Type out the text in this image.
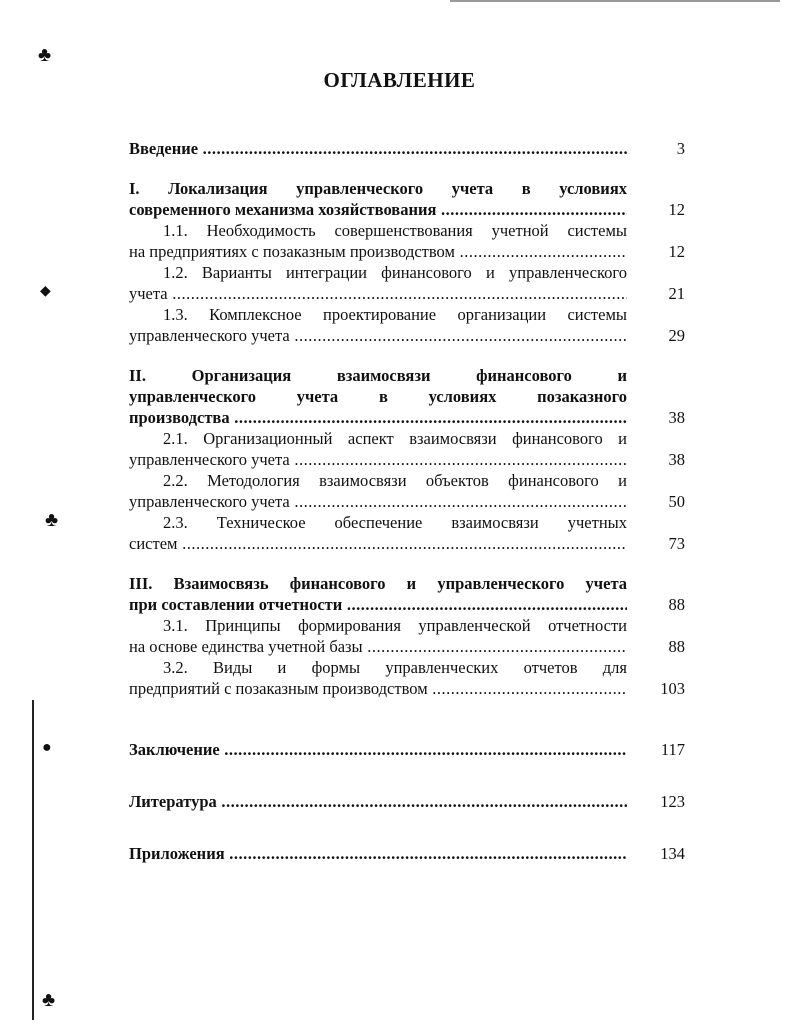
♣
◆
♣
●
♣
ОГЛАВЛЕНИЕ
Введение .....	3
I. Локализация управленческого учета в условиях
современного механизма хозяйствования .....	12
1.1. Необходимость совершенствования учетной системы
на предприятиях с позаказным производством .....	12
1.2. Варианты интеграции финансового и управленческого
учета .....	21
1.3. Комплексное проектирование организации системы
управленческого учета .....	29
II. Организация взаимосвязи финансового и
управленческого учета в условиях позаказного
производства .....	38
2.1. Организационный аспект взаимосвязи финансового и
управленческого учета .....	38
2.2. Методология взаимосвязи объектов финансового и
управленческого учета .....	50
2.3. Техническое обеспечение взаимосвязи учетных
систем .....	73
III. Взаимосвязь финансового и управленческого учета
при составлении отчетности .....	88
3.1. Принципы формирования управленческой отчетности
на основе единства учетной базы .....	88
3.2. Виды и формы управленческих отчетов для
предприятий с позаказным производством .....	103
Заключение .....	117
Литература .....	123
Приложения .....	134
